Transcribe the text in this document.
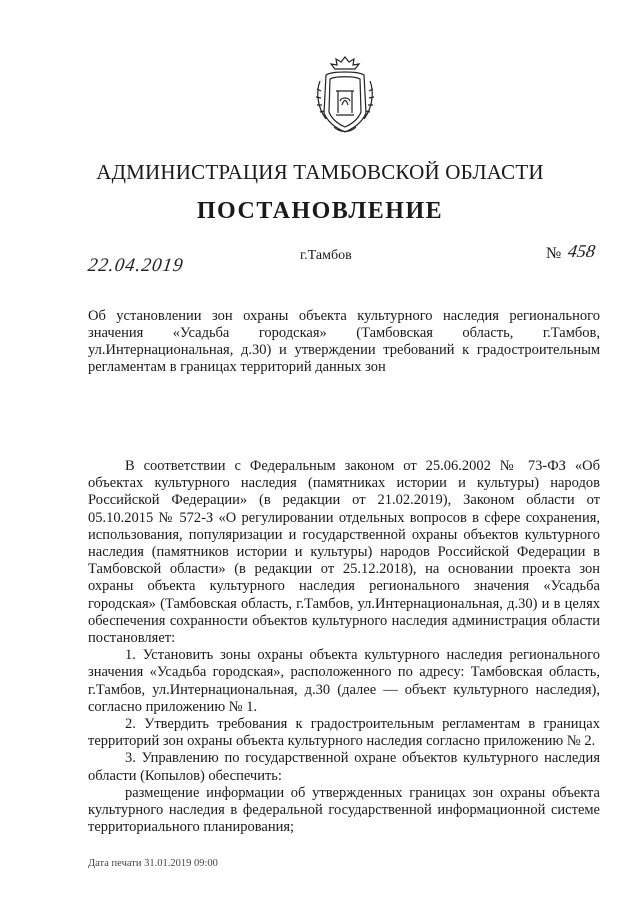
АДМИНИСТРАЦИЯ ТАМБОВСКОЙ ОБЛАСТИ
ПОСТАНОВЛЕНИЕ
22.04.2019	г.Тамбов	№ 458
Об установлении зон охраны объекта культурного наследия регионального значения «Усадьба городская» (Тамбовская область, г.Тамбов, ул.Интернациональная, д.30) и утверждении требований к градостроительным регламентам в границах территорий данных зон

В соответствии с Федеральным законом от 25.06.2002 № 73-ФЗ «Об объектах культурного наследия (памятниках истории и культуры) народов Российской Федерации» (в редакции от 21.02.2019), Законом области от 05.10.2015 № 572-З «О регулировании отдельных вопросов в сфере сохранения, использования, популяризации и государственной охраны объектов культурного наследия (памятников истории и культуры) народов Российской Федерации в Тамбовской области» (в редакции от 25.12.2018), на основании проекта зон охраны объекта культурного наследия регионального значения «Усадьба городская» (Тамбовская область, г.Тамбов, ул.Интернациональная, д.30) и в целях обеспечения сохранности объектов культурного наследия администрация области постановляет:

1. Установить зоны охраны объекта культурного наследия регионального значения «Усадьба городская», расположенного по адресу: Тамбовская область, г.Тамбов, ул.Интернациональная, д.30 (далее — объект культурного наследия), согласно приложению № 1.

2. Утвердить требования к градостроительным регламентам в границах территорий зон охраны объекта культурного наследия согласно приложению № 2.

3. Управлению по государственной охране объектов культурного наследия области (Копылов) обеспечить:

размещение информации об утвержденных границах зон охраны объекта культурного наследия в федеральной государственной информационной системе территориального планирования;

Дата печати 31.01.2019 09:00
